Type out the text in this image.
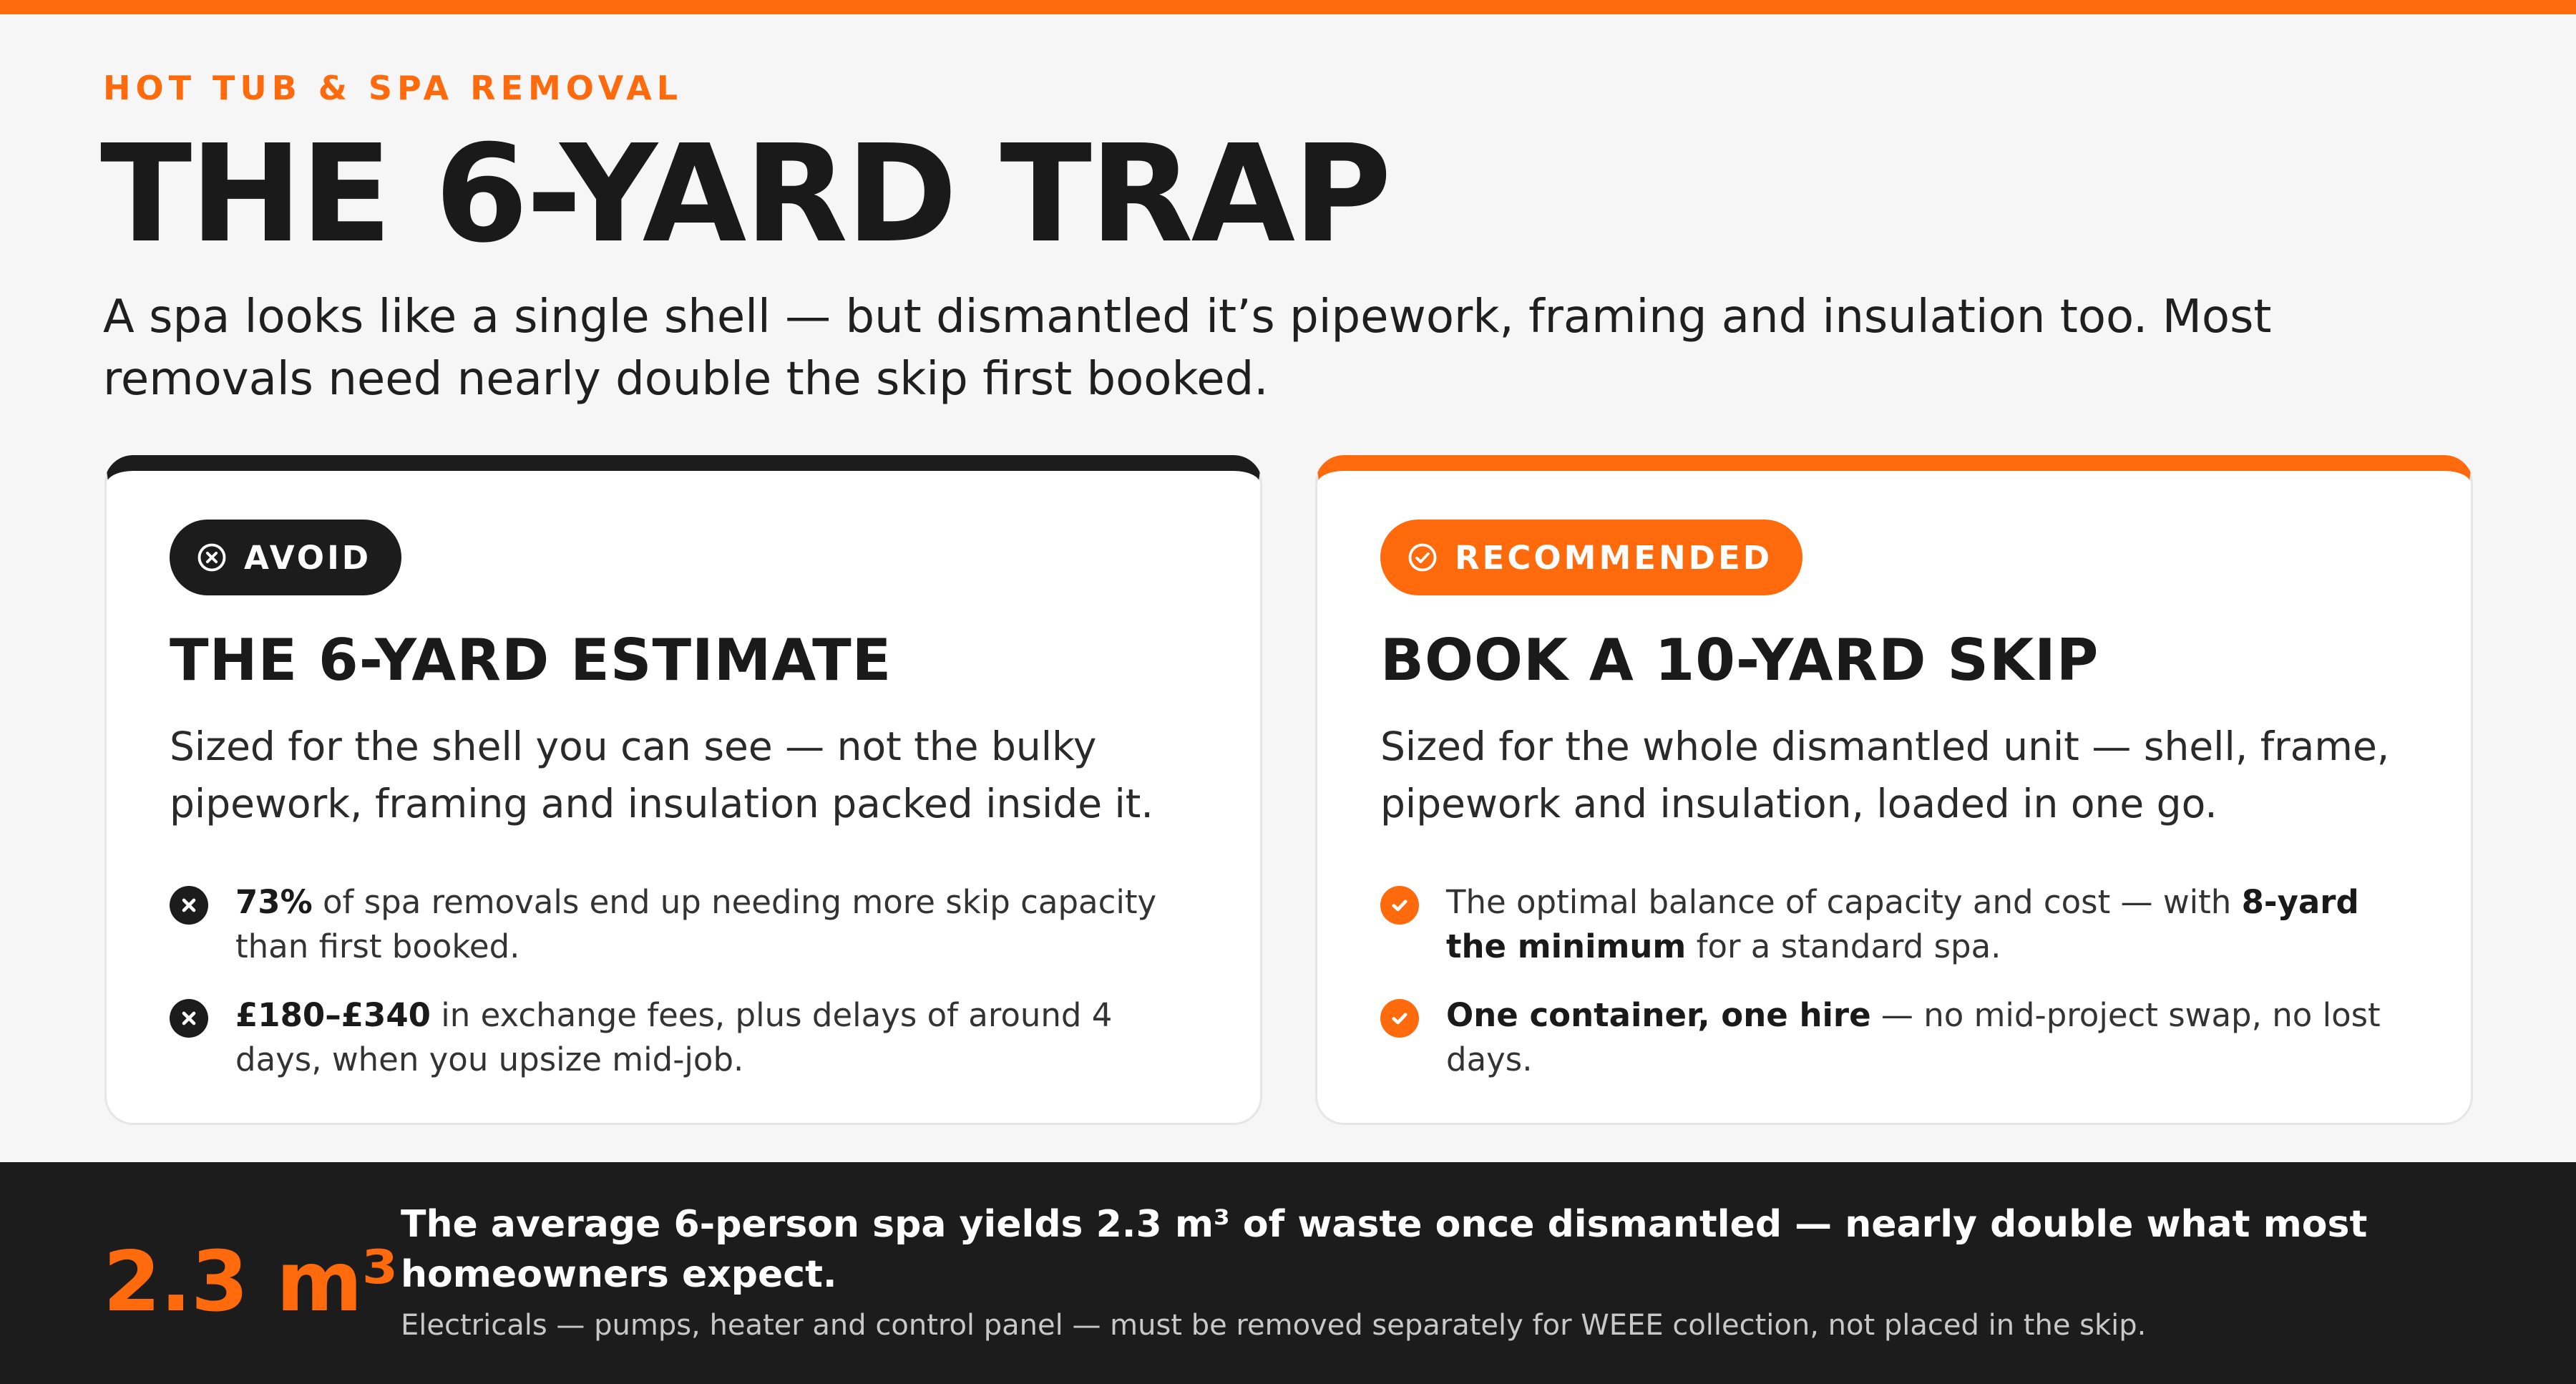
HOT TUB & SPA REMOVAL
THE 6-YARD TRAP

A spa looks like a single shell — but dismantled it’s pipework, framing and insulation too. Most removals need nearly double the skip first booked.

AVOID
THE 6-YARD ESTIMATE

Sized for the shell you can see — not the bulky pipework, framing and insulation packed inside it.

73% of spa removals end up needing more skip capacity than first booked.

£180–£340 in exchange fees, plus delays of around 4 days, when you upsize mid-job.

RECOMMENDED
BOOK A 10-YARD SKIP

Sized for the whole dismantled unit — shell, frame, pipework and insulation, loaded in one go.

The optimal balance of capacity and cost — with 8-yard the minimum for a standard spa.

One container, one hire — no mid-project swap, no lost days.

2.3 m³

The average 6-person spa yields 2.3 m³ of waste once dismantled — nearly double what most homeowners expect.

Electricals — pumps, heater and control panel — must be removed separately for WEEE collection, not placed in the skip.
